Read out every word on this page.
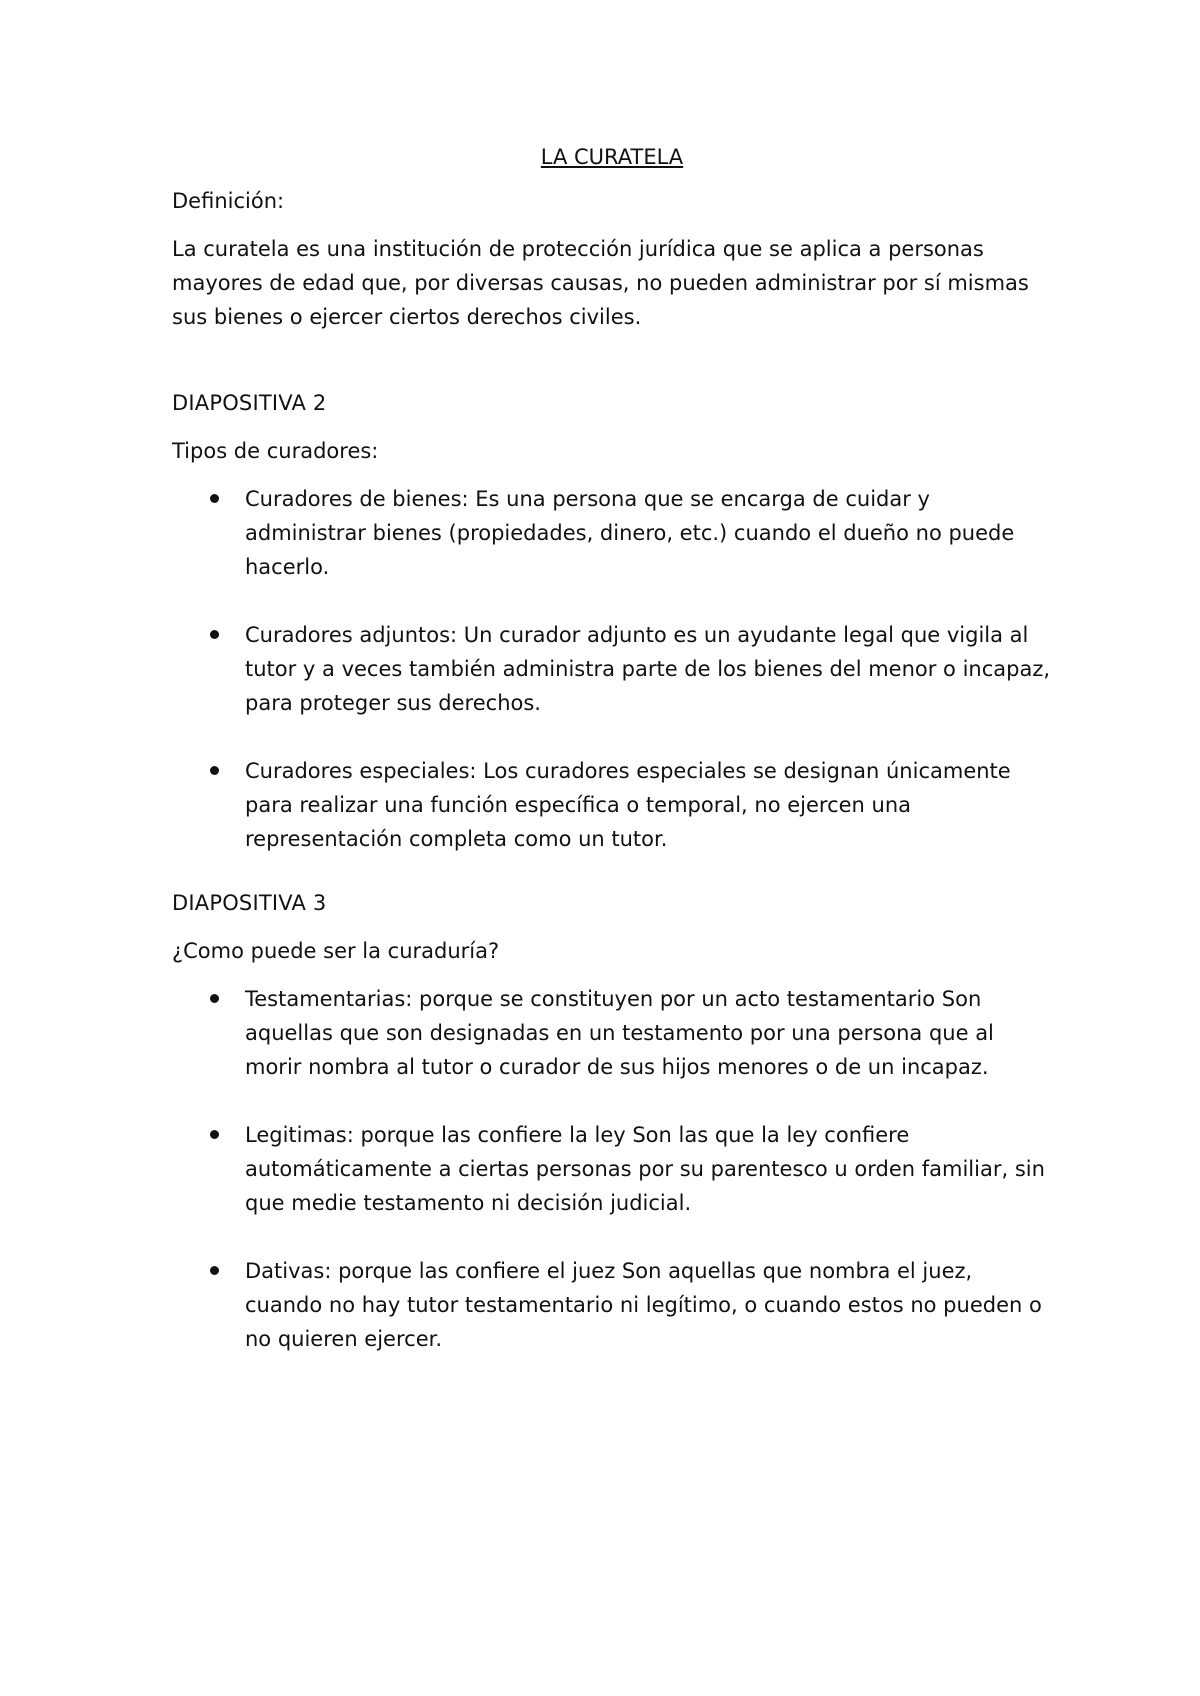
LA CURATELA

Definición:

La curatela es una institución de protección jurídica que se aplica a personas mayores de edad que, por diversas causas, no pueden administrar por sí mismas sus bienes o ejercer ciertos derechos civiles.

DIAPOSITIVA 2

Tipos de curadores:

Curadores de bienes: Es una persona que se encarga de cuidar y administrar bienes (propiedades, dinero, etc.) cuando el dueño no puede hacerlo.
Curadores adjuntos: Un curador adjunto es un ayudante legal que vigila al tutor y a veces también administra parte de los bienes del menor o incapaz, para proteger sus derechos.
Curadores especiales: Los curadores especiales se designan únicamente para realizar una función específica o temporal, no ejercen una representación completa como un tutor.
DIAPOSITIVA 3

¿Como puede ser la curaduría?

Testamentarias: porque se constituyen por un acto testamentario Son aquellas que son designadas en un testamento por una persona que al morir nombra al tutor o curador de sus hijos menores o de un incapaz.
Legitimas: porque las confiere la ley Son las que la ley confiere automáticamente a ciertas personas por su parentesco u orden familiar, sin que medie testamento ni decisión judicial.
Dativas: porque las confiere el juez Son aquellas que nombra el juez, cuando no hay tutor testamentario ni legítimo, o cuando estos no pueden o no quieren ejercer.
